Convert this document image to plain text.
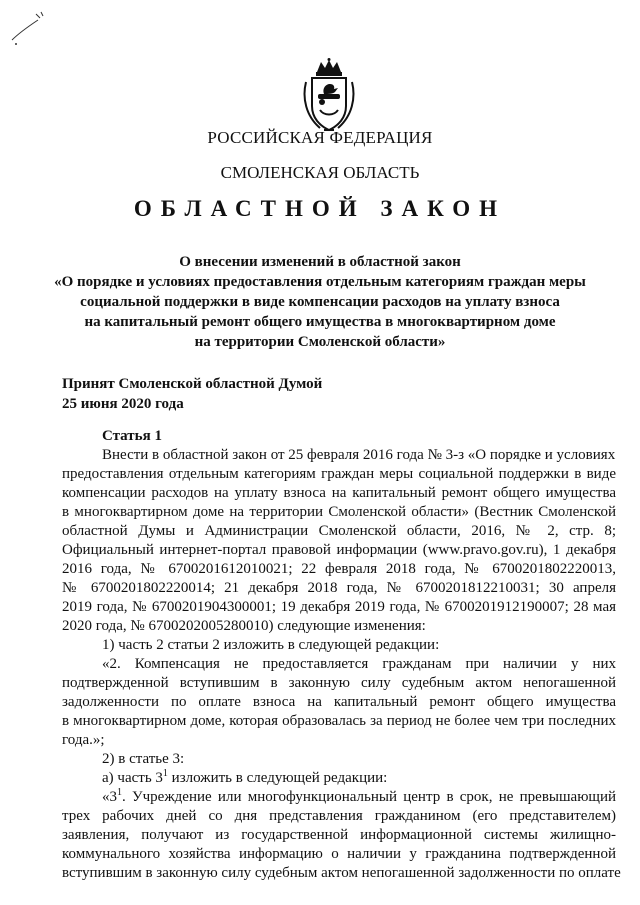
РОССИЙСКАЯ ФЕДЕРАЦИЯ
СМОЛЕНСКАЯ ОБЛАСТЬ
ОБЛАСТНОЙ ЗАКОН
О внесении изменений в областной закон
«О порядке и условиях предоставления отдельным категориям граждан меры
социальной поддержки в виде компенсации расходов на уплату взноса
на капитальный ремонт общего имущества в многоквартирном доме
на территории Смоленской области»
Принят Смоленской областной Думой
25 июня 2020 года
Статья 1
Внести в областной закон от 25 февраля 2016 года № 3-з «О порядке и условиях
предоставления отдельным категориям граждан меры социальной поддержки в виде
компенсации расходов на уплату взноса на капитальный ремонт общего имущества
в многоквартирном доме на территории Смоленской области» (Вестник Смоленской
областной Думы и Администрации Смоленской области, 2016, № 2, стр. 8;
Официальный интернет-портал правовой информации (www.pravo.gov.ru), 1 декабря
2016 года, № 6700201612010021; 22 февраля 2018 года, № 6700201802220013,
№ 6700201802220014; 21 декабря 2018 года, № 6700201812210031; 30 апреля
2019 года, № 6700201904300001; 19 декабря 2019 года, № 6700201912190007; 28 мая
2020 года, № 6700202005280010) следующие изменения:
1) часть 2 статьи 2 изложить в следующей редакции:
«2. Компенсация не предоставляется гражданам при наличии у них
подтвержденной вступившим в законную силу судебным актом непогашенной
задолженности по оплате взноса на капитальный ремонт общего имущества
в многоквартирном доме, которая образовалась за период не более чем три последних
года.»;
2) в статье 3:
а) часть $3^1$ изложить в следующей редакции:
«$3^1$. Учреждение или многофункциональный центр в срок, не превышающий
трех рабочих дней со дня представления гражданином (его представителем)
заявления, получают из государственной информационной системы жилищно-
коммунального хозяйства информацию о наличии у гражданина подтвержденной
вступившим в законную силу судебным актом непогашенной задолженности по оплате
